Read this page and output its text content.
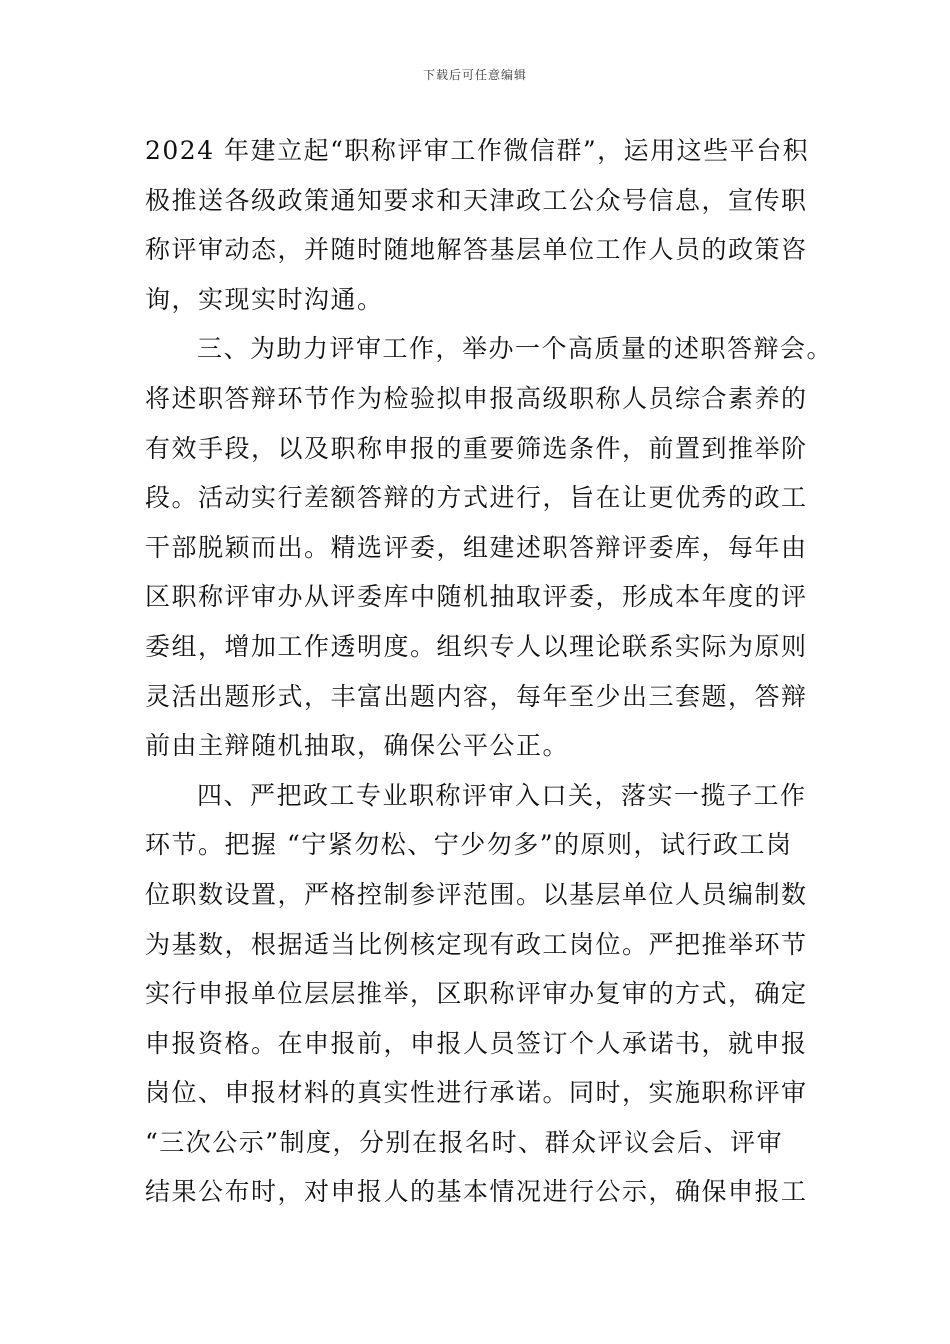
下载后可任意编辑
2024 年建立起“职称评审工作微信群”，运用这些平台积
极推送各级政策通知要求和天津政工公众号信息，宣传职
称评审动态，并随时随地解答基层单位工作人员的政策咨
询，实现实时沟通。
三、为助力评审工作，举办一个高质量的述职答辩会。
将述职答辩环节作为检验拟申报高级职称人员综合素养的
有效手段，以及职称申报的重要筛选条件，前置到推举阶
段。活动实行差额答辩的方式进行，旨在让更优秀的政工
干部脱颖而出。精选评委，组建述职答辩评委库，每年由
区职称评审办从评委库中随机抽取评委，形成本年度的评
委组，增加工作透明度。组织专人以理论联系实际为原则
灵活出题形式，丰富出题内容，每年至少出三套题，答辩
前由主辩随机抽取，确保公平公正。
四、严把政工专业职称评审入口关，落实一揽子工作
环节。把握 “宁紧勿松、宁少勿多”的原则，试行政工岗
位职数设置，严格控制参评范围。以基层单位人员编制数
为基数，根据适当比例核定现有政工岗位。严把推举环节
实行申报单位层层推举，区职称评审办复审的方式，确定
申报资格。在申报前，申报人员签订个人承诺书，就申报
岗位、申报材料的真实性进行承诺。同时，实施职称评审
“三次公示”制度，分别在报名时、群众评议会后、评审
结果公布时，对申报人的基本情况进行公示，确保申报工
